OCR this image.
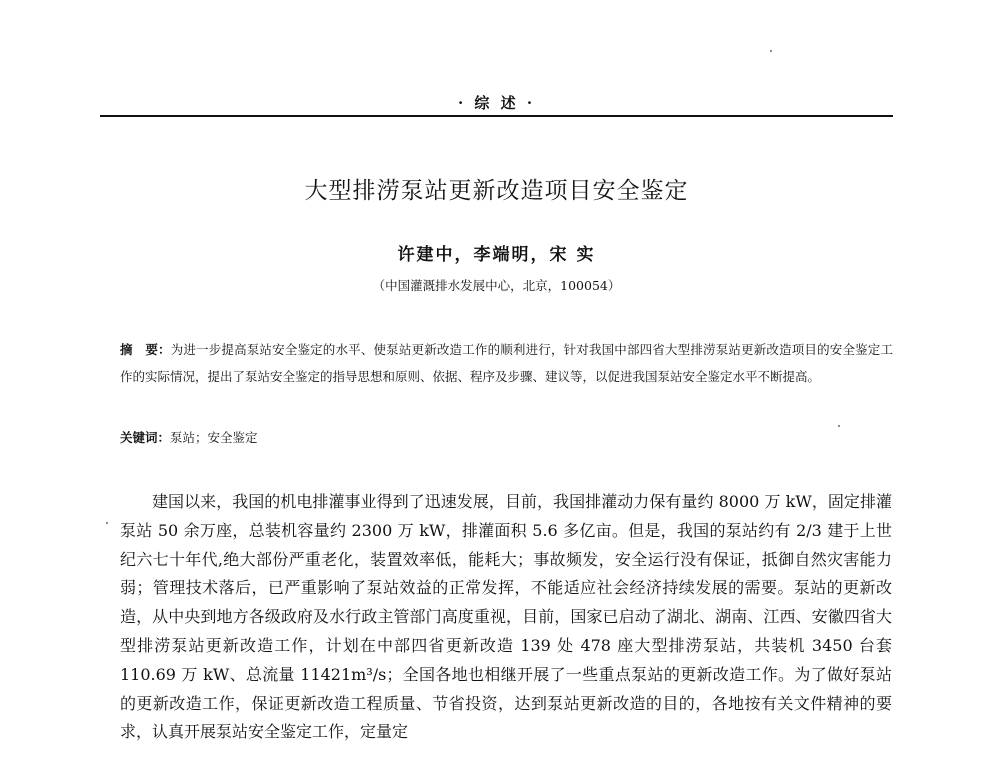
· 综 述 ·
大型排涝泵站更新改造项目安全鉴定
许建中，李端明，宋 实
（中国灌溉排水发展中心，北京，100054）
摘　要：为进一步提高泵站安全鉴定的水平、使泵站更新改造工作的顺利进行，针对我国中部四省大型排涝泵站更新改造项目的安全鉴定工作的实际情况，提出了泵站安全鉴定的指导思想和原则、依据、程序及步骤、建议等，以促进我国泵站安全鉴定水平不断提高。
关键词：泵站；安全鉴定
建国以来，我国的机电排灌事业得到了迅速发展，目前，我国排灌动力保有量约 8000 万 kW，固定排灌泵站 50 余万座，总装机容量约 2300 万 kW，排灌面积 5.6 多亿亩。但是，我国的泵站约有 2/3 建于上世纪六七十年代,绝大部份严重老化，装置效率低，能耗大；事故频发，安全运行没有保证，抵御自然灾害能力弱；管理技术落后，已严重影响了泵站效益的正常发挥，不能适应社会经济持续发展的需要。泵站的更新改造，从中央到地方各级政府及水行政主管部门高度重视，目前，国家已启动了湖北、湖南、江西、安徽四省大型排涝泵站更新改造工作，计划在中部四省更新改造 139 处 478 座大型排涝泵站，共装机 3450 台套 110.69 万 kW、总流量 11421m³/s；全国各地也相继开展了一些重点泵站的更新改造工作。为了做好泵站的更新改造工作，保证更新改造工程质量、节省投资，达到泵站更新改造的目的，各地按有关文件精神的要求，认真开展泵站安全鉴定工作，定量定
